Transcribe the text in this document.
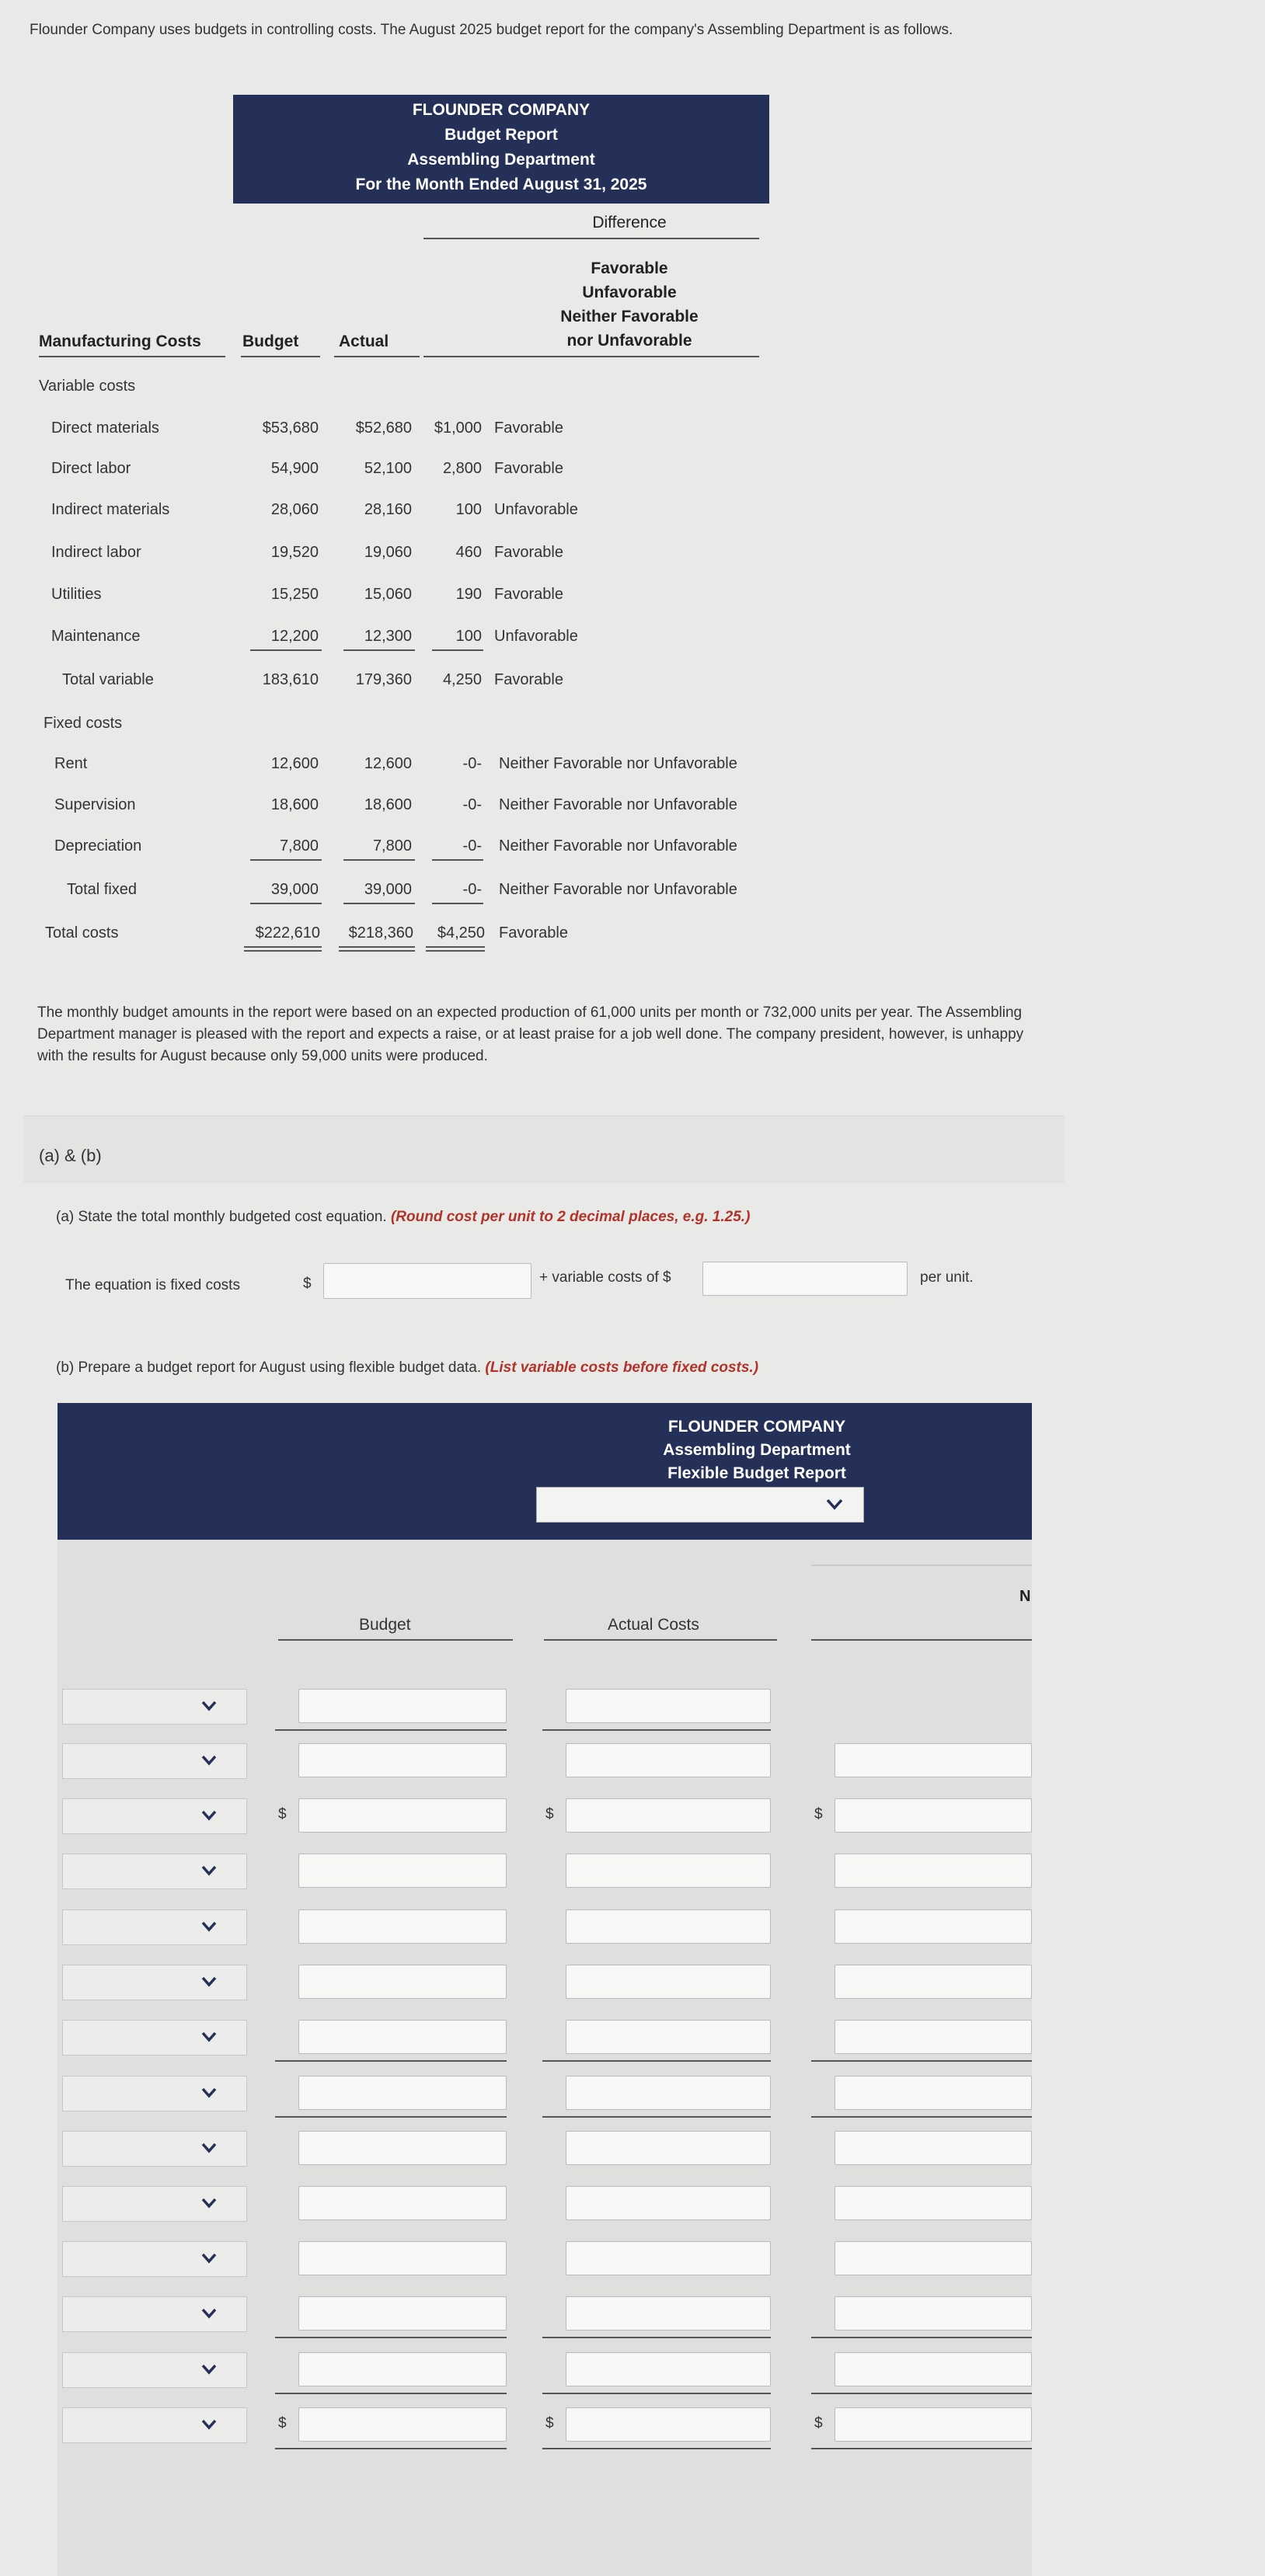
Flounder Company uses budgets in controlling costs. The August 2025 budget report for the company's Assembling Department is as follows.
FLOUNDER COMPANY
Budget Report
Assembling Department
For the Month Ended August 31, 2025
Difference
Favorable
Unfavorable
Neither Favorable
nor Unfavorable
Manufacturing Costs	Budget Actual
Variable costs
Fixed costs
Direct materials	$53,680	$52,680	$1,000 Favorable
Direct labor	54,900	52,100	2,800 Favorable
Indirect materials	28,060	28,160	100 Unfavorable
Indirect labor	19,520	19,060	460 Favorable
Utilities	15,250	15,060	190 Favorable
Maintenance	12,200	12,300	100 Unfavorable
Total variable	183,610	179,360	4,250 Favorable
Rent	12,600	12,600	-0- Neither Favorable nor Unfavorable
Supervision	18,600	18,600	-0- Neither Favorable nor Unfavorable
Depreciation	7,800	7,800	-0- Neither Favorable nor Unfavorable
Total fixed	39,000	39,000	-0- Neither Favorable nor Unfavorable
Total costs	$222,610	$218,360	$4,250 Favorable
The monthly budget amounts in the report were based on an expected production of 61,000 units per month or 732,000 units per year. The Assembling Department manager is pleased with the report and expects a raise, or at least praise for a job well done. The company president, however, is unhappy with the results for August because only 59,000 units were produced.
(a) & (b)
(a) State the total monthly budgeted cost equation. (Round cost per unit to 2 decimal places, e.g. 1.25.)
The equation is fixed costs	$	+ variable costs of $	per unit.
(b) Prepare a budget report for August using flexible budget data. (List variable costs before fixed costs.)
FLOUNDER COMPANY
Assembling Department
Flexible Budget Report
Budget	Actual Costs
N
$	$	$
$	$	$
